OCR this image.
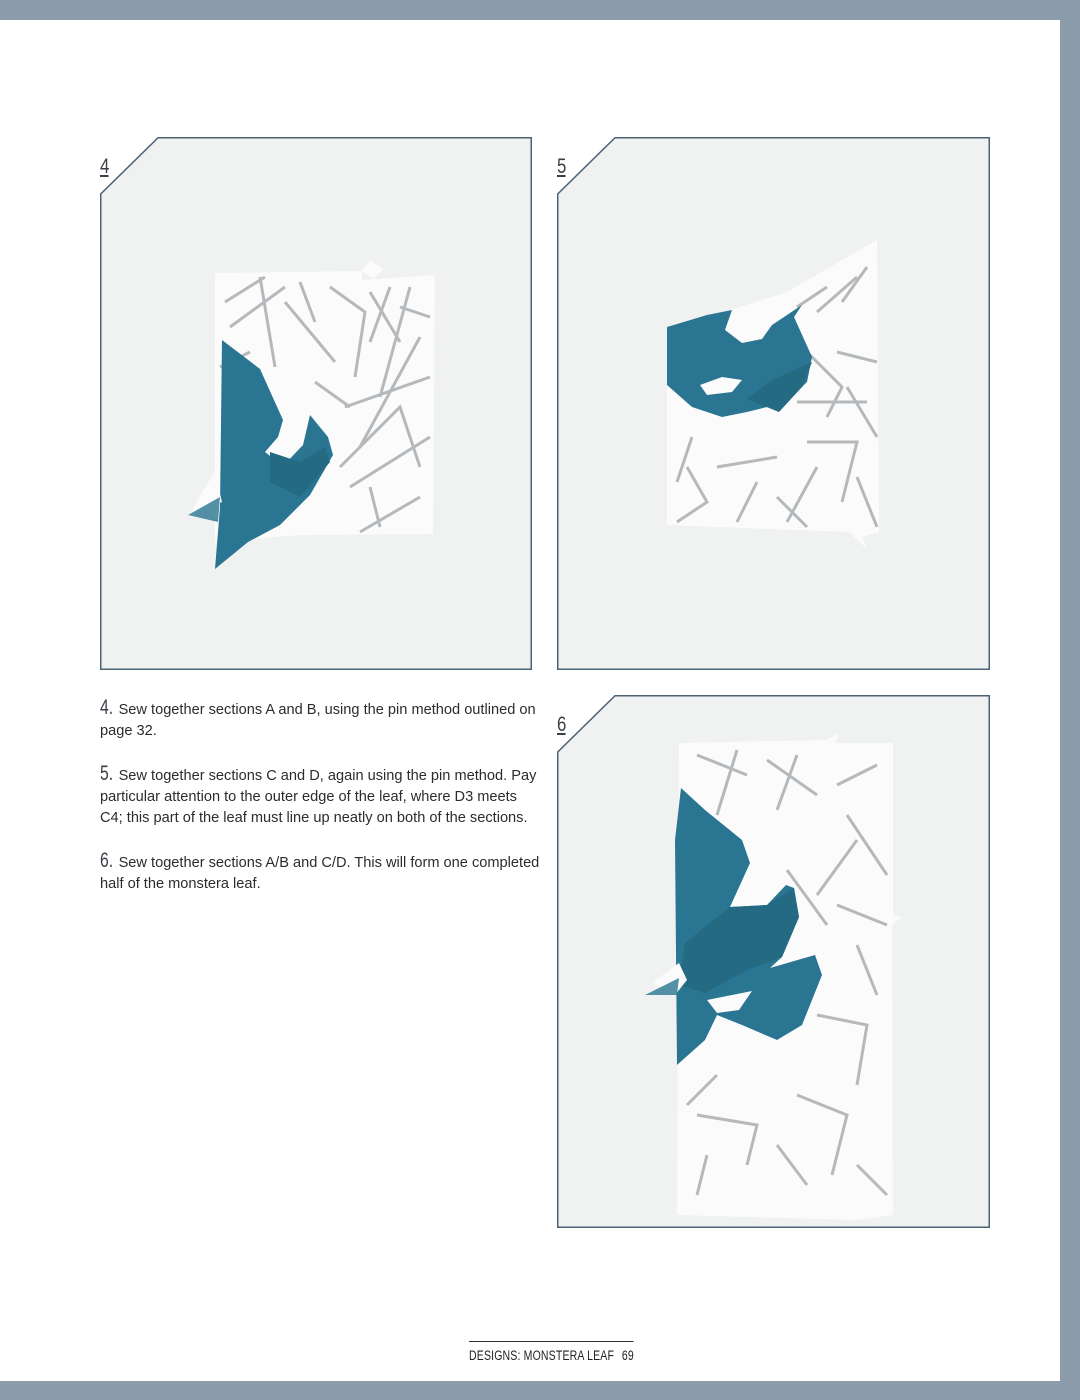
4	5
6

4. Sew together sections A and B, using the pin method outlined on page 32.

5. Sew together sections C and D, again using the pin method. Pay particular attention to the outer edge of the leaf, where D3 meets C4; this part of the leaf must line up neatly on both of the sections.

6. Sew together sections A/B and C/D. This will form one completed half of the monstera leaf.

DESIGNS: MONSTERA LEAF 69
